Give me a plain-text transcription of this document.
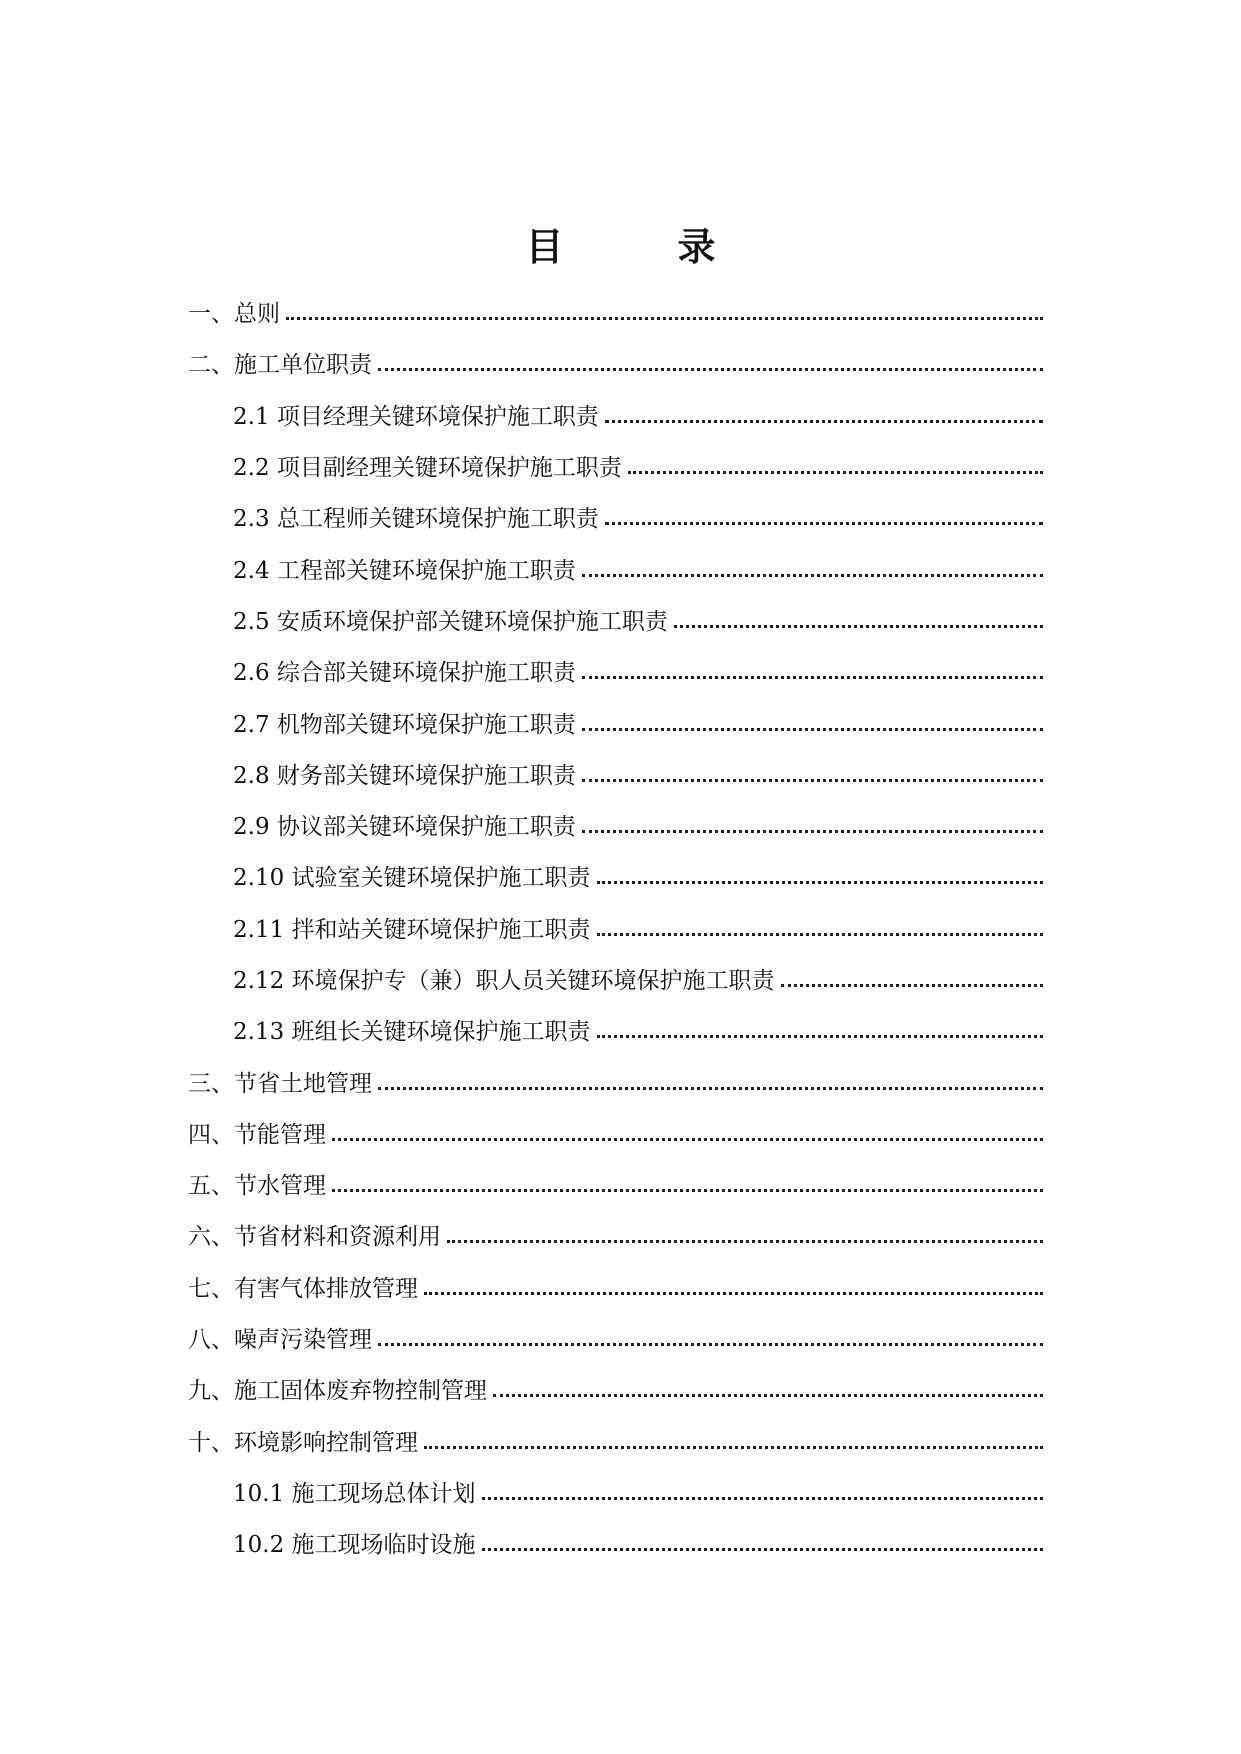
目　录
一、总则
二、施工单位职责
2.1 项目经理关键环境保护施工职责
2.2 项目副经理关键环境保护施工职责
2.3 总工程师关键环境保护施工职责
2.4 工程部关键环境保护施工职责
2.5 安质环境保护部关键环境保护施工职责
2.6 综合部关键环境保护施工职责
2.7 机物部关键环境保护施工职责
2.8 财务部关键环境保护施工职责
2.9 协议部关键环境保护施工职责
2.10 试验室关键环境保护施工职责
2.11 拌和站关键环境保护施工职责
2.12 环境保护专（兼）职人员关键环境保护施工职责
2.13 班组长关键环境保护施工职责
三、节省土地管理
四、节能管理
五、节水管理
六、节省材料和资源利用
七、有害气体排放管理
八、噪声污染管理
九、施工固体废弃物控制管理
十、环境影响控制管理
10.1 施工现场总体计划
10.2 施工现场临时设施
